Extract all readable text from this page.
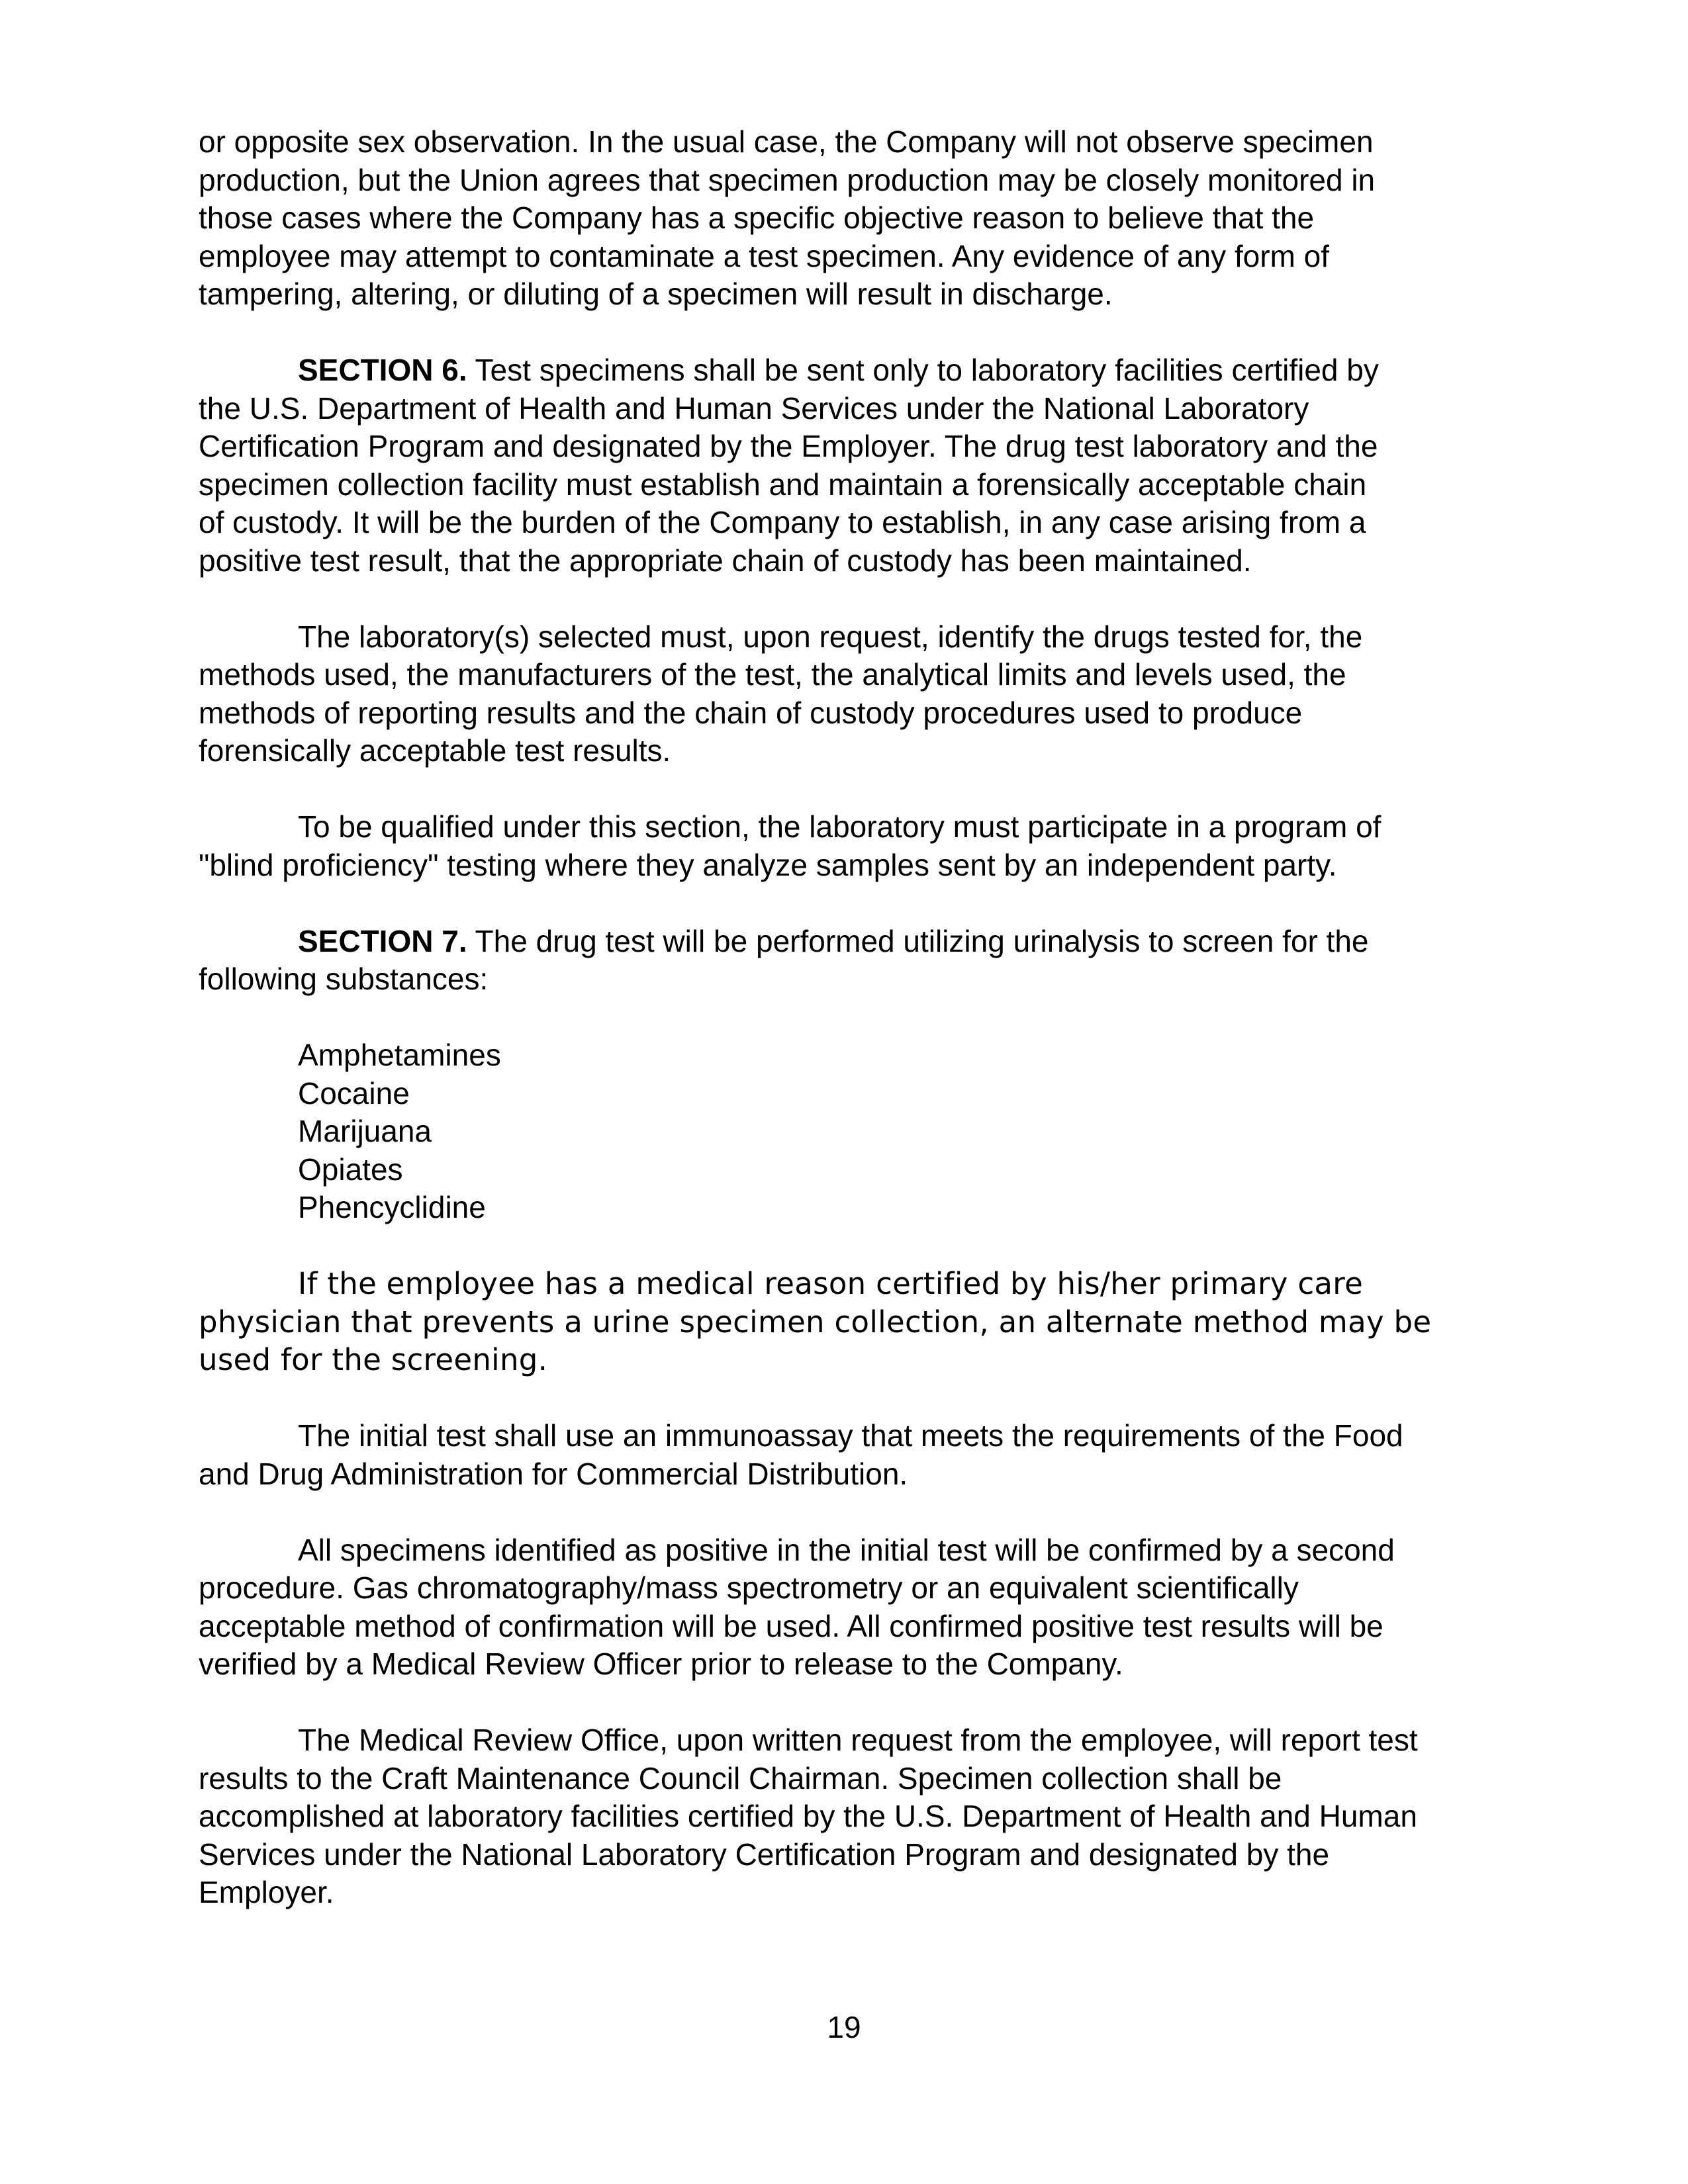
or opposite sex observation. In the usual case, the Company will not observe specimen
production, but the Union agrees that specimen production may be closely monitored in
those cases where the Company has a specific objective reason to believe that the
employee may attempt to contaminate a test specimen. Any evidence of any form of
tampering, altering, or diluting of a specimen will result in discharge.
SECTION 6. Test specimens shall be sent only to laboratory facilities certified by
the U.S. Department of Health and Human Services under the National Laboratory
Certification Program and designated by the Employer. The drug test laboratory and the
specimen collection facility must establish and maintain a forensically acceptable chain
of custody. It will be the burden of the Company to establish, in any case arising from a
positive test result, that the appropriate chain of custody has been maintained.
The laboratory(s) selected must, upon request, identify the drugs tested for, the
methods used, the manufacturers of the test, the analytical limits and levels used, the
methods of reporting results and the chain of custody procedures used to produce
forensically acceptable test results.
To be qualified under this section, the laboratory must participate in a program of
"blind proficiency" testing where they analyze samples sent by an independent party.
SECTION 7. The drug test will be performed utilizing urinalysis to screen for the
following substances:
Amphetamines
Cocaine
Marijuana
Opiates
Phencyclidine
If the employee has a medical reason certified by his/her primary care
physician that prevents a urine specimen collection, an alternate method may be
used for the screening.
The initial test shall use an immunoassay that meets the requirements of the Food
and Drug Administration for Commercial Distribution.
All specimens identified as positive in the initial test will be confirmed by a second
procedure. Gas chromatography/mass spectrometry or an equivalent scientifically
acceptable method of confirmation will be used. All confirmed positive test results will be
verified by a Medical Review Officer prior to release to the Company.
The Medical Review Office, upon written request from the employee, will report test
results to the Craft Maintenance Council Chairman. Specimen collection shall be
accomplished at laboratory facilities certified by the U.S. Department of Health and Human
Services under the National Laboratory Certification Program and designated by the
Employer.
19
